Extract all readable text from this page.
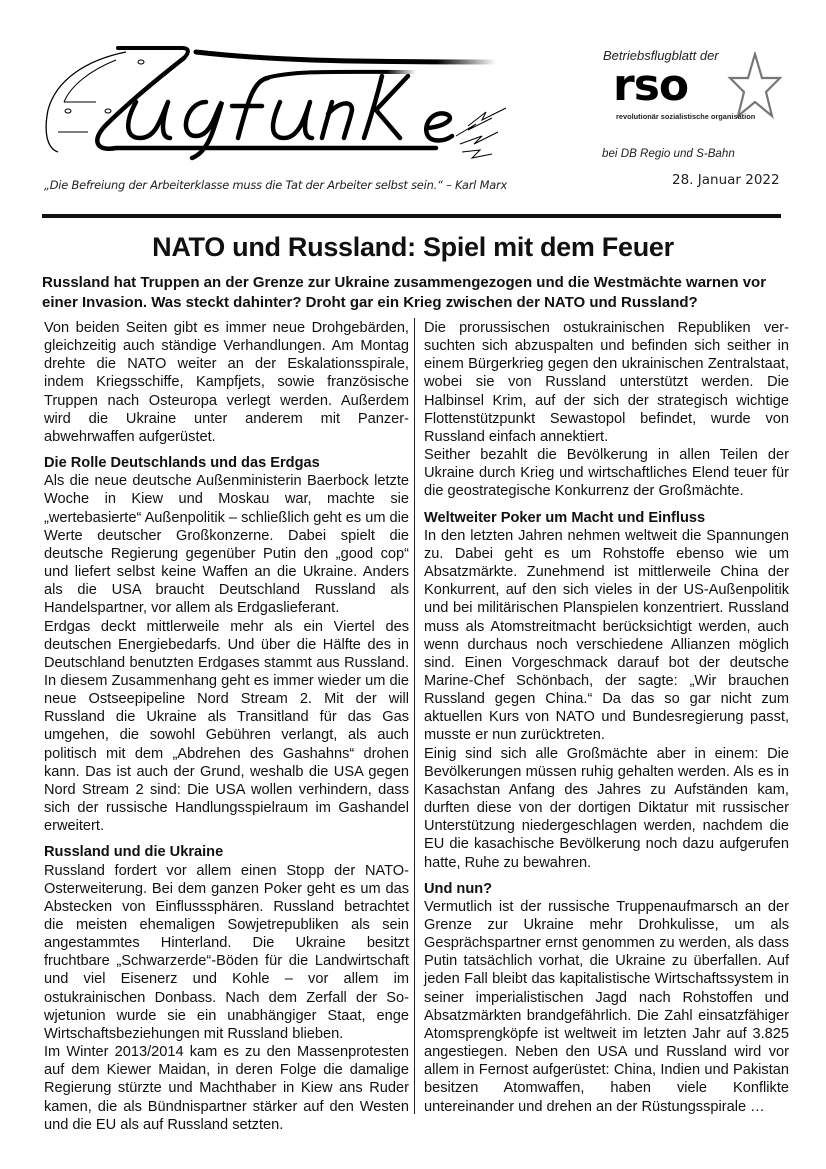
„Die Befreiung der Arbeiterklasse muss die Tat der Arbeiter selbst sein.“ – Karl Marx
Betriebsflugblatt der
rso
revolutionär sozialistische organisation
bei DB Regio und S-Bahn
28. Januar 2022
NATO und Russland: Spiel mit dem Feuer
Russland hat Truppen an der Grenze zur Ukraine zusammengezogen und die Westmächte warnen vor einer Invasion. Was steckt dahinter? Droht gar ein Krieg zwischen der NATO und Russland?

Von beiden Seiten gibt es immer neue Drohgebärden, gleichzeitig auch ständige Verhandlungen. Am Montag drehte die NATO weiter an der Eskalationsspirale, indem Kriegsschiffe, Kampfjets, sowie französische Truppen nach Osteuropa verlegt werden. Außerdem wird die Ukraine unter anderem mit Panzerabwehrwaffen aufgerüstet.

Die Rolle Deutschlands und das Erdgas

Als die neue deutsche Außenministerin Baerbock letzte Woche in Kiew und Moskau war, machte sie „wertebasierte“ Außenpolitik – schließlich geht es um die Werte deutscher Großkonzerne. Dabei spielt die deutsche Regierung gegenüber Putin den „good cop“ und liefert selbst keine Waffen an die Ukraine. Anders als die USA braucht Deutschland Russland als Handelspartner, vor allem als Erdgaslieferant.

Erdgas deckt mittlerweile mehr als ein Viertel des deutschen Energiebedarfs. Und über die Hälfte des in Deutschland benutzten Erdgases stammt aus Russland. In diesem Zusammenhang geht es immer wieder um die neue Ostseepipeline Nord Stream 2. Mit der will Russland die Ukraine als Transitland für das Gas umgehen, die sowohl Gebühren verlangt, als auch politisch mit dem „Abdrehen des Gashahns“ drohen kann. Das ist auch der Grund, weshalb die USA gegen Nord Stream 2 sind: Die USA wollen verhindern, dass sich der russische Handlungsspielraum im Gashandel erweitert.

Russland und die Ukraine

Russland fordert vor allem einen Stopp der NATO-Osterweiterung. Bei dem ganzen Poker geht es um das Abstecken von Einflusssphären. Russland betrachtet die meisten ehemaligen Sowjetrepubliken als sein angestammtes Hinterland. Die Ukraine besitzt fruchtbare „Schwarzerde“-Böden für die Landwirtschaft und viel Eisenerz und Kohle – vor allem im ostukrainischen Donbass. Nach dem Zerfall der Sowjetunion wurde sie ein unabhängiger Staat, enge Wirtschaftsbeziehungen mit Russland blieben.

Im Winter 2013/2014 kam es zu den Massenprotesten auf dem Kiewer Maidan, in deren Folge die damalige Regierung stürzte und Machthaber in Kiew ans Ruder kamen, die als Bündnispartner stärker auf den Westen und die EU als auf Russland setzten.

Die prorussischen ostukrainischen Republiken versuchten sich abzuspalten und befinden sich seither in einem Bürgerkrieg gegen den ukrainischen Zentralstaat, wobei sie von Russland unterstützt werden. Die Halbinsel Krim, auf der sich der strategisch wichtige Flottenstützpunkt Sewastopol befindet, wurde von Russland einfach annektiert.

Seither bezahlt die Bevölkerung in allen Teilen der Ukraine durch Krieg und wirtschaftliches Elend teuer für die geostrategische Konkurrenz der Großmächte.

Weltweiter Poker um Macht und Einfluss

In den letzten Jahren nehmen weltweit die Spannungen zu. Dabei geht es um Rohstoffe ebenso wie um Absatzmärkte. Zunehmend ist mittlerweile China der Konkurrent, auf den sich vieles in der US-Außenpolitik und bei militärischen Planspielen konzentriert. Russland muss als Atomstreitmacht berücksichtigt werden, auch wenn durchaus noch verschiedene Allianzen möglich sind. Einen Vorgeschmack darauf bot der deutsche Marine-Chef Schönbach, der sagte: „Wir brauchen Russland gegen China.“ Da das so gar nicht zum aktuellen Kurs von NATO und Bundesregierung passt, musste er nun zurücktreten.

Einig sind sich alle Großmächte aber in einem: Die Bevölkerungen müssen ruhig gehalten werden. Als es in Kasachstan Anfang des Jahres zu Aufständen kam, durften diese von der dortigen Diktatur mit russischer Unterstützung niedergeschlagen werden, nachdem die EU die kasachische Bevölkerung noch dazu aufgerufen hatte, Ruhe zu bewahren.

Und nun?

Vermutlich ist der russische Truppenaufmarsch an der Grenze zur Ukraine mehr Drohkulisse, um als Gesprächspartner ernst genommen zu werden, als dass Putin tatsächlich vorhat, die Ukraine zu überfallen. Auf jeden Fall bleibt das kapitalistische Wirtschaftssystem in seiner imperialistischen Jagd nach Rohstoffen und Absatzmärkten brandgefährlich. Die Zahl einsatzfähiger Atomsprengköpfe ist weltweit im letzten Jahr auf 3.825 angestiegen. Neben den USA und Russland wird vor allem in Fernost aufgerüstet: China, Indien und Pakistan besitzen Atomwaffen, haben viele Konflikte untereinander und drehen an der Rüstungsspirale …
